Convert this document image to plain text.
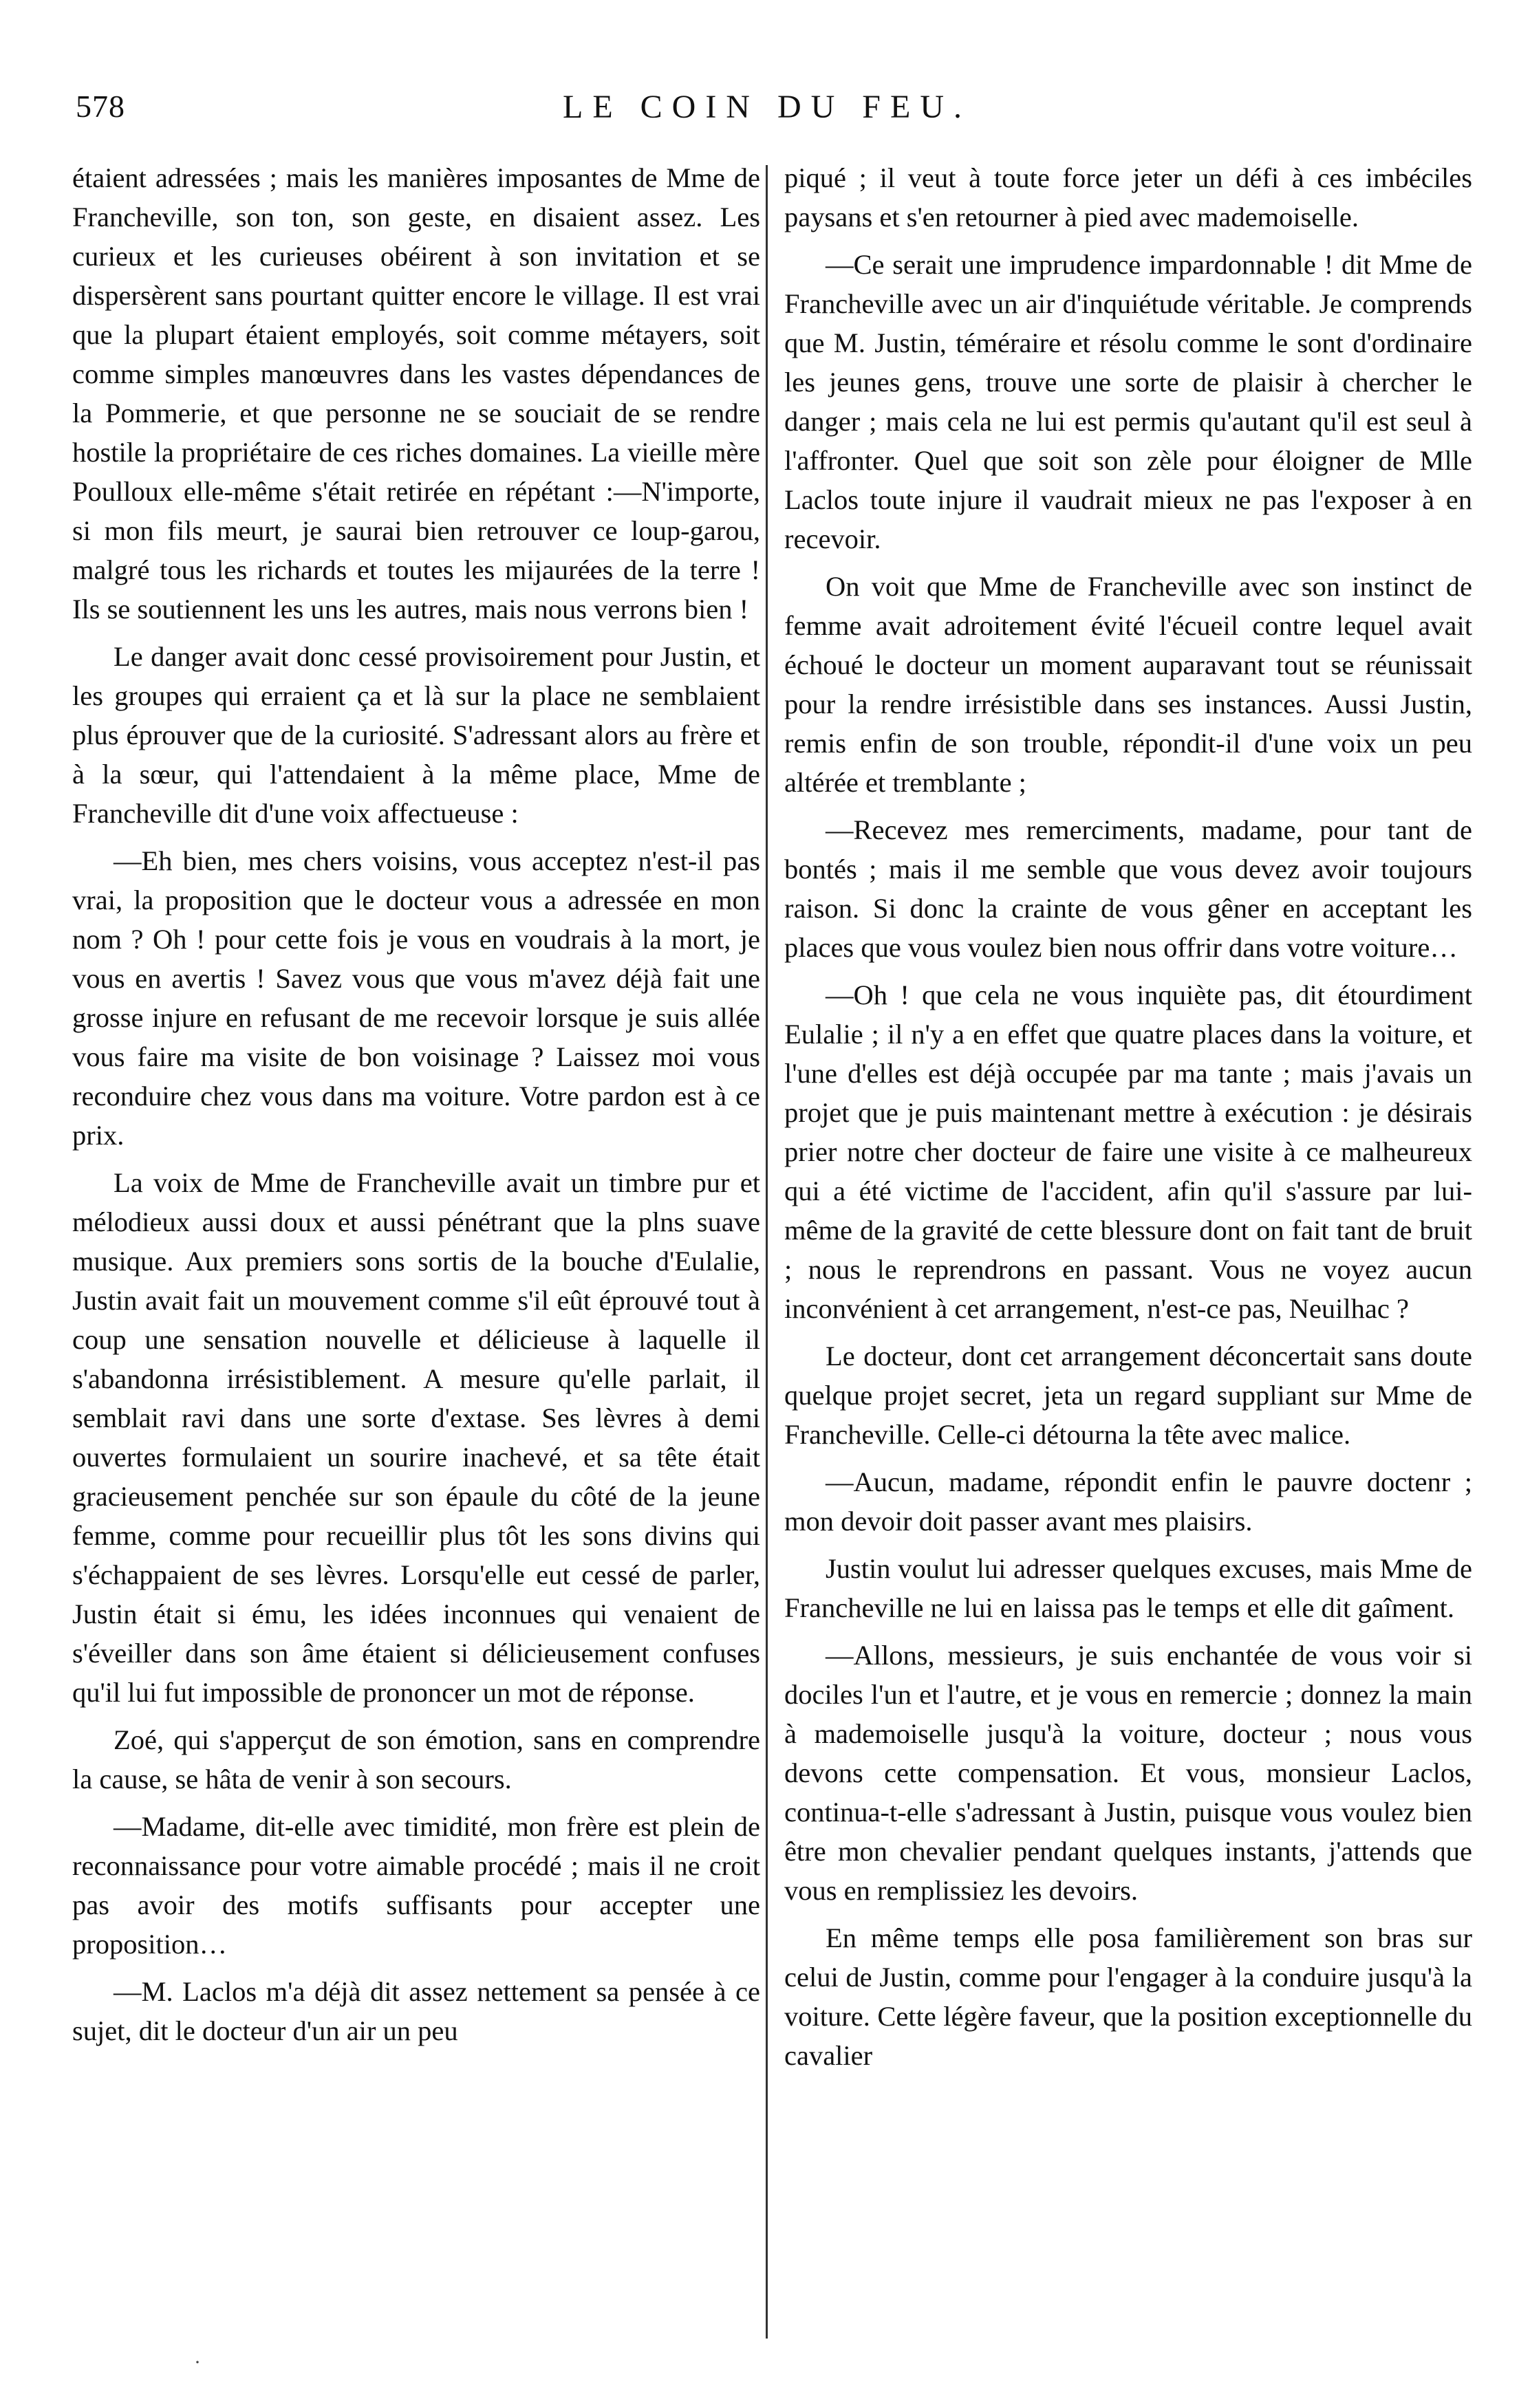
578	LE COIN DU FEU.

étaient adressées ; mais les manières imposantes de Mme de Francheville, son ton, son geste, en disaient assez. Les curieux et les curieuses obéirent à son invitation et se dispersèrent sans pourtant quitter encore le village. Il est vrai que la plupart étaient employés, soit comme métayers, soit comme simples manœuvres dans les vastes dépendances de la Pommerie, et que personne ne se souciait de se rendre hostile la propriétaire de ces riches domaines. La vieille mère Poulloux elle-même s'était retirée en répétant :—N'importe, si mon fils meurt, je saurai bien retrouver ce loup-garou, malgré tous les richards et toutes les mijaurées de la terre ! Ils se soutiennent les uns les autres, mais nous verrons bien !

Le danger avait donc cessé provisoirement pour Justin, et les groupes qui erraient ça et là sur la place ne semblaient plus éprouver que de la curiosité. S'adressant alors au frère et à la sœur, qui l'attendaient à la même place, Mme de Francheville dit d'une voix affectueuse :

—Eh bien, mes chers voisins, vous acceptez n'est-il pas vrai, la proposition que le docteur vous a adressée en mon nom ? Oh ! pour cette fois je vous en voudrais à la mort, je vous en avertis ! Savez vous que vous m'avez déjà fait une grosse injure en refusant de me recevoir lorsque je suis allée vous faire ma visite de bon voisinage ? Laissez moi vous reconduire chez vous dans ma voiture. Votre pardon est à ce prix.

La voix de Mme de Francheville avait un timbre pur et mélodieux aussi doux et aussi pénétrant que la plns suave musique. Aux premiers sons sortis de la bouche d'Eulalie, Justin avait fait un mouvement comme s'il eût éprouvé tout à coup une sensation nouvelle et délicieuse à laquelle il s'abandonna irrésistiblement. A mesure qu'elle parlait, il semblait ravi dans une sorte d'extase. Ses lèvres à demi ouvertes formulaient un sourire inachevé, et sa tête était gracieusement penchée sur son épaule du côté de la jeune femme, comme pour recueillir plus tôt les sons divins qui s'échappaient de ses lèvres. Lorsqu'elle eut cessé de parler, Justin était si ému, les idées inconnues qui venaient de s'éveiller dans son âme étaient si délicieusement confuses qu'il lui fut impossible de prononcer un mot de réponse.

Zoé, qui s'apperçut de son émotion, sans en comprendre la cause, se hâta de venir à son secours.

—Madame, dit-elle avec timidité, mon frère est plein de reconnaissance pour votre aimable procédé ; mais il ne croit pas avoir des motifs suffisants pour accepter une proposition…

—M. Laclos m'a déjà dit assez nettement sa pensée à ce sujet, dit le docteur d'un air un peu

piqué ; il veut à toute force jeter un défi à ces imbéciles paysans et s'en retourner à pied avec mademoiselle.

—Ce serait une imprudence impardonnable ! dit Mme de Francheville avec un air d'inquiétude véritable. Je comprends que M. Justin, téméraire et résolu comme le sont d'ordinaire les jeunes gens, trouve une sorte de plaisir à chercher le danger ; mais cela ne lui est permis qu'autant qu'il est seul à l'affronter. Quel que soit son zèle pour éloigner de Mlle Laclos toute injure il vaudrait mieux ne pas l'exposer à en recevoir.

On voit que Mme de Francheville avec son instinct de femme avait adroitement évité l'écueil contre lequel avait échoué le docteur un moment auparavant tout se réunissait pour la rendre irrésistible dans ses instances. Aussi Justin, remis enfin de son trouble, répondit-il d'une voix un peu altérée et tremblante ;

—Recevez mes remerciments, madame, pour tant de bontés ; mais il me semble que vous devez avoir toujours raison. Si donc la crainte de vous gêner en acceptant les places que vous voulez bien nous offrir dans votre voiture…

—Oh ! que cela ne vous inquiète pas, dit étourdiment Eulalie ; il n'y a en effet que quatre places dans la voiture, et l'une d'elles est déjà occupée par ma tante ; mais j'avais un projet que je puis maintenant mettre à exécution : je désirais prier notre cher docteur de faire une visite à ce malheureux qui a été victime de l'accident, afin qu'il s'assure par lui-même de la gravité de cette blessure dont on fait tant de bruit ; nous le reprendrons en passant. Vous ne voyez aucun inconvénient à cet arrangement, n'est-ce pas, Neuilhac ?

Le docteur, dont cet arrangement déconcertait sans doute quelque projet secret, jeta un regard suppliant sur Mme de Francheville. Celle-ci détourna la tête avec malice.

—Aucun, madame, répondit enfin le pauvre doctenr ; mon devoir doit passer avant mes plaisirs.

Justin voulut lui adresser quelques excuses, mais Mme de Francheville ne lui en laissa pas le temps et elle dit gaîment.

—Allons, messieurs, je suis enchantée de vous voir si dociles l'un et l'autre, et je vous en remercie ; donnez la main à mademoiselle jusqu'à la voiture, docteur ; nous vous devons cette compensation. Et vous, monsieur Laclos, continua-t-elle s'adressant à Justin, puisque vous voulez bien être mon chevalier pendant quelques instants, j'attends que vous en remplissiez les devoirs.

En même temps elle posa familièrement son bras sur celui de Justin, comme pour l'engager à la conduire jusqu'à la voiture. Cette légère faveur, que la position exceptionnelle du cavalier

·
